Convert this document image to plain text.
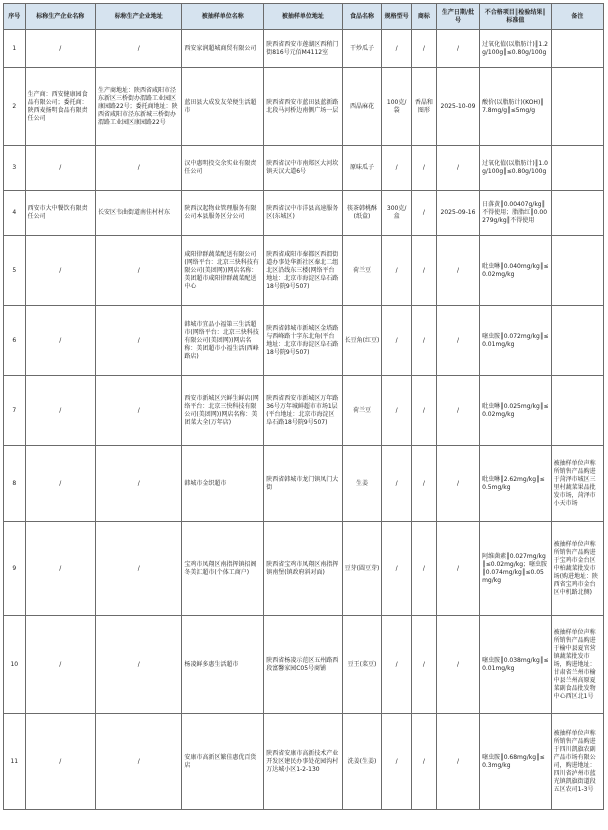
序号	标称生产企业名称	标称生产企业地址	被抽样单位名称	被抽样单位地址	食品名称	规格型号	商标	生产日期/批号	不合格项目║检验结果║标准值	备注
1	/	/	西安家润超城商贸有限公司	陕西省西安市莲湖区西稍门街816号元佰M4112室	干炒瓜子	/	/	/	过氧化值(以脂肪计)║1.2g/100g║≤0.80g/100g	
2	生产商：西安健康园食品有限公司；委托商：陕西麦扬明食品有限责任公司	生产商地址：陕西省咸阳市泾东新区三桥街办渭路工业园区康园路22号；委托商地址：陕西省咸阳市泾东新城三桥街办渭路工业园区康园路22号	蓝田县大成发友荣便生活超市	陕西省西安市蓝田县蓝新路北段马河桥边南侧广场一层	西晶麻花	100克/袋	香晶和图形	2025-10-09	酸价(以脂肪计)(KOH)║7.8mg/g║≤5mg/g	
3	/	/	汉中惠明投交余实业有限责任公司	陕西省汉中市南郑区大河坎镇天汉大道6号	原味瓜子	/	/	/	过氧化值(以脂肪计)║1.0g/100g║≤0.80g/100g	
4	西安市大中餐饮有限责任公司	长安区韦曲街道南佳村村东	陕西汉起物业管理服务有限公司本县服务区分公司	陕西省汉中市洋县高速服务区(东城区)	筷茶韩桃酥(纸盒)	300克/盒	/	2025-09-16	日落黄║0.00407g/kg║不得使用；脂脂红║0.00279g/kg║不得使用	
5	/	/	咸阳律群蔬菜配送有限公司(网络平台：北京三快科技有限公司(美团网))网店名称：美团超市咸阳律群蔬菜配送中心	陕西省咸阳市秦都区西渭街道办事处华新社区秦北二组北区沿线东三楼(网络平台地址：北京市海淀区阜石路18号院9号507)	荷兰豆	/	/	/	吡虫啉║0.040mg/kg║≤0.02mg/kg	
6	/	/	韩城市宜品小福第三生活超市(网络平台：北京三快科技有限公司(美团网))网店名称：美团超市小福生活(西峰路店)	陕西省韩城市新城区金塔路与西峰路十字东北角(平台地址：北京市海淀区阜石路18号院9号507)	长豆角(红豆)	/	/	/	噻虫胺║0.072mg/kg║≤0.01mg/kg	
7	/	/	西安市新城区兴鲜生鲜店(网络平台：北京三快科技有限公司(美团网))网店名称：美团菜大全(万年店)	陕西省西安市新城区万年路36号万年城鲜超市市场1层(平台地址：北京市海淀区阜石路18号院9号507)	荷兰豆	/	/	/	吡虫啉║0.025mg/kg║≤0.02mg/kg	
8	/	/	韩城市金织超市	陕西省韩城市龙门镇凤门大街	生姜	/	/	/	吡虫啉║2.62mg/kg║≤0.5mg/kg	被抽样单位声称所销售产品购进于菏泽市城区三里村蔬菜果品批发市场，菏泽市小天市场
9	/	/	宝鸡市凤翔区南指挥镇招阁冬美汇超市(个体工商户)	陕西省宝鸡市凤翔区南指挥镇南堡(镇政府斜对面)	豆芽(圆豆芽)	/	/	/	阿维菌素║0.027mg/kg║≤0.02mg/kg；噻虫胺║0.074mg/kg║≤0.05mg/kg	被抽样单位声称所销售产品购进于宝鸡市金台区中柏蔬菜批发市场(购进地址：陕西省宝鸡市金台区中机路北侧)
10	/	/	杨凌鲜多惠生活超市	陕西省杨凌示范区五州路西段富馨家园C05号商铺	豆王(菜豆)	/	/	/	噻虫胺║0.038mg/kg║≤0.01mg/kg	被抽样单位声称所销售产品购进于榆中县夏官营镇蔬菜批发市场，购进地址：甘肃省兰州市榆中县兰州高原夏菜副食品批发物中心西区北1号
11	/	/	安康市高新区繁佳惠优百货店	陕西省安康市高新技术产业开发区建民办事处花园沟村万达城小区1-2-130	洗姜(生姜)	/	/	/	噻虫胺║0.68mg/kg║≤0.3mg/kg	被抽样单位声称所销售产品购进于四川凯旗农副产品市场有限公司，购进地址：四川省泸州市蓝光镇凯旗街道段五区农司1-3号
